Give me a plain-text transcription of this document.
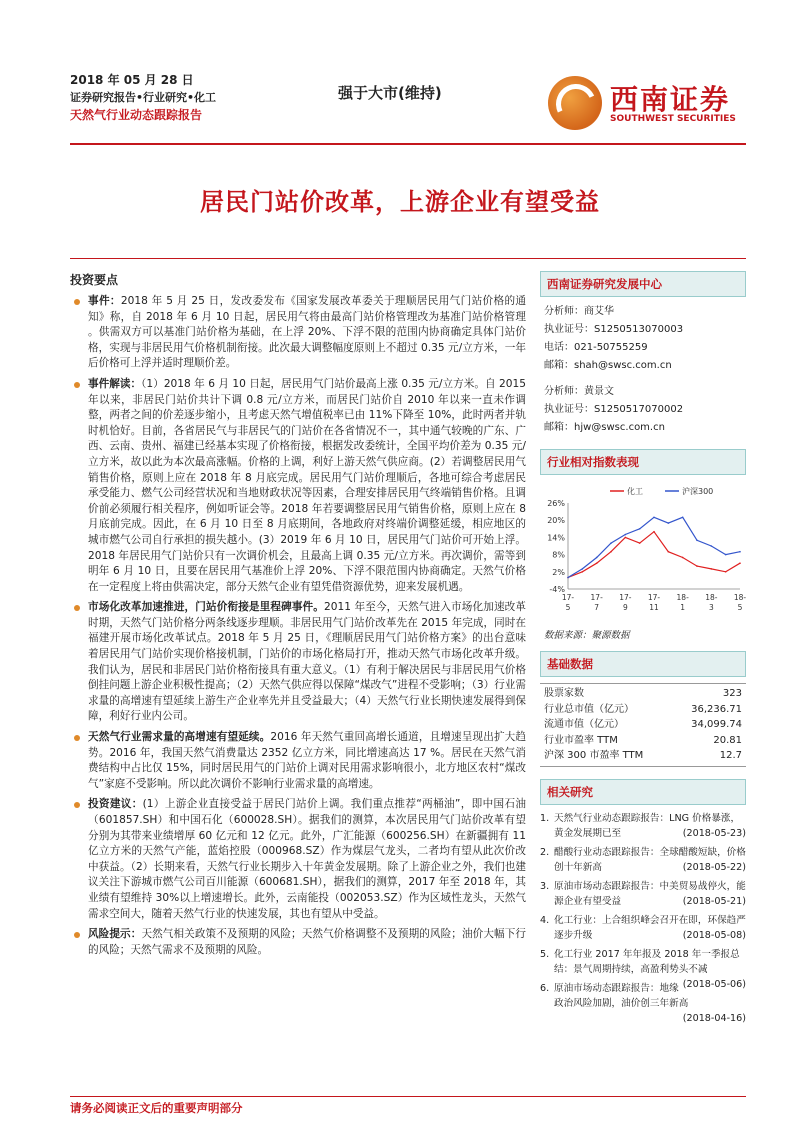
2018 年 05 月 28 日
证券研究报告•行业研究•化工
天然气行业动态跟踪报告
强于大市(维持)	西南证券
SOUTHWEST SECURITIES
居民门站价改革，上游企业有望受益
投资要点
事件：2018 年 5 月 25 日，发改委发布《国家发展改革委关于理顺居民用气门站价格的通知》称，自 2018 年 6 月 10 日起，居民用气将由最高门站价格管理改为基准门站价格管理 。供需双方可以基准门站价格为基础，在上浮 20%、下浮不限的范围内协商确定具体门站价格，实现与非居民用气价格机制衔接。此次最大调整幅度原则上不超过 0.35 元/立方米，一年后价格可上浮并适时理顺价差。
事件解读：（1）2018 年 6 月 10 日起，居民用气门站价最高上涨 0.35 元/立方米。自 2015 年以来，非居民门站价共计下调 0.8 元/立方米，而居民门站价自 2010 年以来一直未作调整，两者之间的价差逐步缩小，且考虑天然气增值税率已由 11%下降至 10%，此时两者并轨时机恰好。目前，各省居民气与非居民气的门站价在各省情况不一，其中通气较晚的广东、广西、云南、贵州、福建已经基本实现了价格衔接，根据发改委统计，全国平均价差为 0.35 元/立方米，故以此为本次最高涨幅。价格的上调，利好上游天然气供应商。(2）若调整居民用气销售价格，原则上应在 2018 年 8 月底完成。居民用气门站价理顺后，各地可综合考虑居民承受能力、燃气公司经营状况和当地财政状况等因素，合理安排居民用气终端销售价格。且调价前必须履行相关程序，例如听证会等。2018 年若要调整居民用气销售价格，原则上应在 8 月底前完成。因此，在 6 月 10 日至 8 月底期间，各地政府对终端价调整延缓，相应地区的城市燃气公司自行承担的损失越小。(3）2019 年 6 月 10 日，居民用气门站价可开始上浮。2018 年居民用气门站价只有一次调价机会，且最高上调 0.35 元/立方米。再次调价，需等到明年 6 月 10 日，且要在居民用气基准价上浮 20%、下浮不限范围内协商确定。天然气价格在一定程度上将由供需决定，部分天然气企业有望凭借资源优势，迎来发展机遇。
市场化改革加速推进，门站价衔接是里程碑事件。2011 年至今，天然气进入市场化加速改革时期，天然气门站价格分两条线逐步理顺。非居民用气门站价改革先在 2015 年完成，同时在福建开展市场化改革试点。2018 年 5 月 25 日，《理顺居民用气门站价格方案》的出台意味着居民用气门站价实现价格接机制，门站价的市场化格局打开，推动天然气市场化改革升级。我们认为，居民和非居民门站价格衔接具有重大意义。（1）有利于解决居民与非居民用气价格倒挂问题上游企业积极性提高；（2）天然气供应得以保障“煤改气”进程不受影响；（3）行业需求量的高增速有望延续上游生产企业率先并且受益最大；（4）天然气行业长期快速发展得到保障，利好行业内公司。
天然气行业需求量的高增速有望延续。2016 年天然气重回高增长通道，且增速呈现出扩大趋势。2016 年，我国天然气消费量达 2352 亿立方米，同比增速高达 17 %。居民在天然气消费结构中占比仅 15%，同时居民用气的门站价上调对民用需求影响很小，北方地区农村“煤改气”家庭不受影响。所以此次调价不影响行业需求量的高增速。
投资建议：(1）上游企业直接受益于居民门站价上调。我们重点推荐“两桶油”，即中国石油（601857.SH）和中国石化（600028.SH）。据我们的测算，本次居民用气门站价改革有望分别为其带来业绩增厚 60 亿元和 12 亿元。此外，广汇能源（600256.SH）在新疆拥有 11 亿立方米的天然气产能，蓝焰控股（000968.SZ）作为煤层气龙头，二者均有望从此次价改中获益。（2）长期来看，天然气行业长期步入十年黄金发展期。除了上游企业之外，我们也建议关注下游城市燃气公司百川能源（600681.SH），据我们的测算，2017 年至 2018 年，其业绩有望维持 30%以上增速增长。此外，云南能投（002053.SZ）作为区域性龙头，天然气需求空间大，随着天然气行业的快速发展，其也有望从中受益。
风险提示：天然气相关政策不及预期的风险；天然气价格调整不及预期的风险；油价大幅下行的风险；天然气需求不及预期的风险。
西南证券研究发展中心
分析师：商艾华
执业证号：S1250513070003
电话：021-50755259
邮箱：shah@swsc.com.cn
分析师：黄景文
执业证号：S1250517070002
邮箱：hjw@swsc.com.cn
行业相对指数表现
-4%
2%
8%
14%
20%
26%
17-
5
17-
7
17-
9
17-
11
18-
1
18-
3
18-
5
化工	沪深300
数据来源：聚源数据
基础数据
股票家数	323
行业总市值（亿元）	36,236.71
流通市值（亿元）	34,099.74
行业市盈率 TTM	20.81
沪深 300 市盈率 TTM	12.7
相关研究
1. 天然气行业动态跟踪报告：LNG 价格暴涨，黄金发展期已至	(2018-05-23)
2. 醋酸行业动态跟踪报告：全球醋酸短缺，价格创十年新高	(2018-05-22)
3. 原油市场动态跟踪报告：中美贸易战停火，能源企业有望受益	(2018-05-21)
4. 化工行业：上合组织峰会召开在即，环保趋严逐步升级	(2018-05-08)
5. 化工行业 2017 年年报及 2018 年一季报总结：景气周期持续，高盈利势头不减
(2018-05-06)
6. 原油市场动态跟踪报告：地缘政治风险加剧，油价创三年新高
(2018-04-16)
请务必阅读正文后的重要声明部分
